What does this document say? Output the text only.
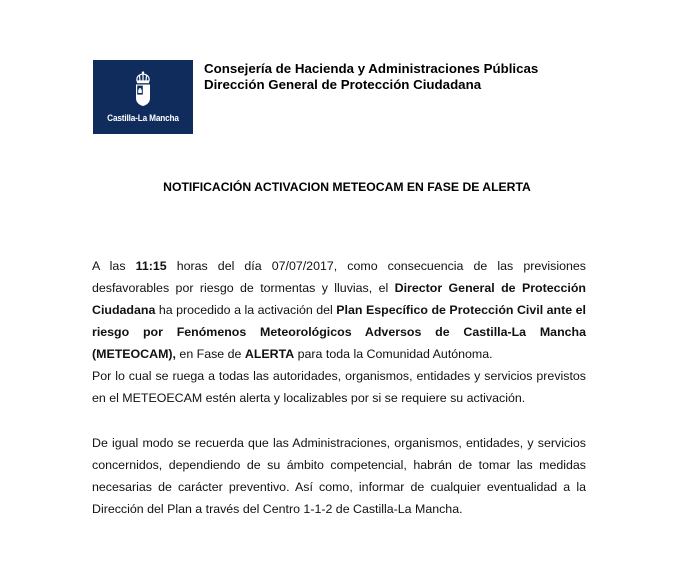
Castilla-La Mancha
Consejería de Hacienda y Administraciones Públicas
Dirección General de Protección Ciudadana
NOTIFICACIÓN ACTIVACION METEOCAM EN FASE DE ALERTA

A las 11:15 horas del día 07/07/2017, como consecuencia de las previsiones desfavorables por riesgo de tormentas y lluvias, el Director General de Protección Ciudadana ha procedido a la activación del Plan Específico de Protección Civil ante el riesgo por Fenómenos Meteorológicos Adversos de Castilla-La Mancha (METEOCAM), en Fase de ALERTA para toda la Comunidad Autónoma.

Por lo cual se ruega a todas las autoridades, organismos, entidades y servicios previstos en el METEOECAM estén alerta y localizables por si se requiere su activación.

De igual modo se recuerda que las Administraciones, organismos, entidades, y servicios concernidos, dependiendo de su ámbito competencial, habrán de tomar las medidas necesarias de carácter preventivo. Así como, informar de cualquier eventualidad a la Dirección del Plan a través del Centro 1-1-2 de Castilla-La Mancha.
